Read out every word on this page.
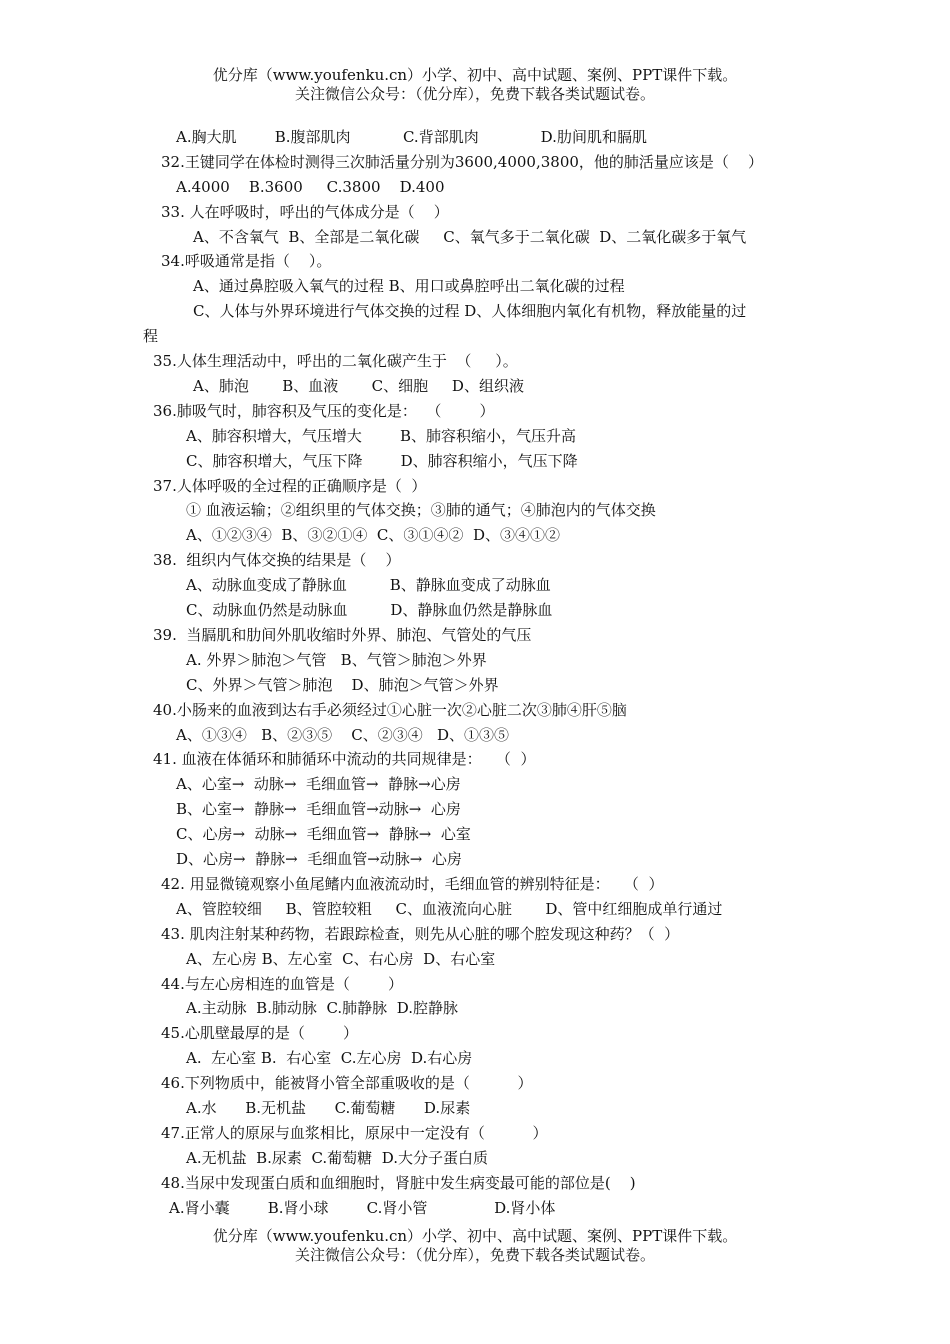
优分库（www.youfenku.cn）小学、初中、高中试题、案例、PPT课件下载。
关注微信公众号：（优分库），免费下载各类试题试卷。
A.胸大肌        B.腹部肌肉           C.背部肌肉             D.肋间肌和膈肌
32.王键同学在体检时测得三次肺活量分别为3600,4000,3800，他的肺活量应该是（    ）
A.4000    B.3600     C.3800    D.400
33. 人在呼吸时，呼出的气体成分是（    ）
A、不含氧气  B、全部是二氧化碳     C、氧气多于二氧化碳  D、二氧化碳多于氧气
34.呼吸通常是指（    ）。
A、通过鼻腔吸入氧气的过程 B、用口或鼻腔呼出二氧化碳的过程
C、人体与外界环境进行气体交换的过程 D、人体细胞内氧化有机物，释放能量的过
程
35.人体生理活动中，呼出的二氧化碳产生于  （     ）。
A、肺泡       B、血液       C、细胞     D、组织液
36.肺吸气时，肺容积及气压的变化是：  （        ）
A、肺容积增大，气压增大        B、肺容积缩小，气压升高
C、肺容积增大，气压下降        D、肺容积缩小，气压下降
37.人体呼吸的全过程的正确顺序是（  ）
① 血液运输；②组织里的气体交换；③肺的通气；④肺泡内的气体交换
A、①②③④  B、③②①④  C、③①④②  D、③④①②
38.  组织内气体交换的结果是（    ）
A、动脉血变成了静脉血         B、静脉血变成了动脉血
C、动脉血仍然是动脉血         D、静脉血仍然是静脉血
39.  当膈肌和肋间外肌收缩时外界、肺泡、气管处的气压
A. 外界＞肺泡＞气管   B、气管＞肺泡＞外界
C、外界＞气管＞肺泡    D、肺泡＞气管＞外界
40.小肠来的血液到达右手必须经过①心脏一次②心脏二次③肺④肝⑤脑
A、①③④   B、②③⑤    C、②③④   D、①③⑤
41. 血液在体循环和肺循环中流动的共同规律是：   （  ）
A、心室→  动脉→  毛细血管→  静脉→心房
B、心室→  静脉→  毛细血管→动脉→  心房
C、心房→  动脉→  毛细血管→  静脉→  心室
D、心房→  静脉→  毛细血管→动脉→  心房
42. 用显微镜观察小鱼尾鳍内血液流动时，毛细血管的辨别特征是：   （  ）
A、管腔较细     B、管腔较粗     C、血液流向心脏       D、管中红细胞成单行通过
43. 肌肉注射某种药物，若跟踪检查，则先从心脏的哪个腔发现这种药？（  ）
A、左心房 B、左心室  C、右心房  D、右心室
44.与左心房相连的血管是（        ）
A.主动脉  B.肺动脉  C.肺静脉  D.腔静脉
45.心肌壁最厚的是（        ）
A.  左心室 B.  右心室  C.左心房  D.右心房
46.下列物质中，能被肾小管全部重吸收的是（          ）
A.水      B.无机盐      C.葡萄糖      D.尿素
47.正常人的原尿与血浆相比，原尿中一定没有（          ）
A.无机盐  B.尿素  C.葡萄糖  D.大分子蛋白质
48.当尿中发现蛋白质和血细胞时，肾脏中发生病变最可能的部位是(    )
A.肾小囊        B.肾小球        C.肾小管              D.肾小体
优分库（www.youfenku.cn）小学、初中、高中试题、案例、PPT课件下载。
关注微信公众号：（优分库），免费下载各类试题试卷。
